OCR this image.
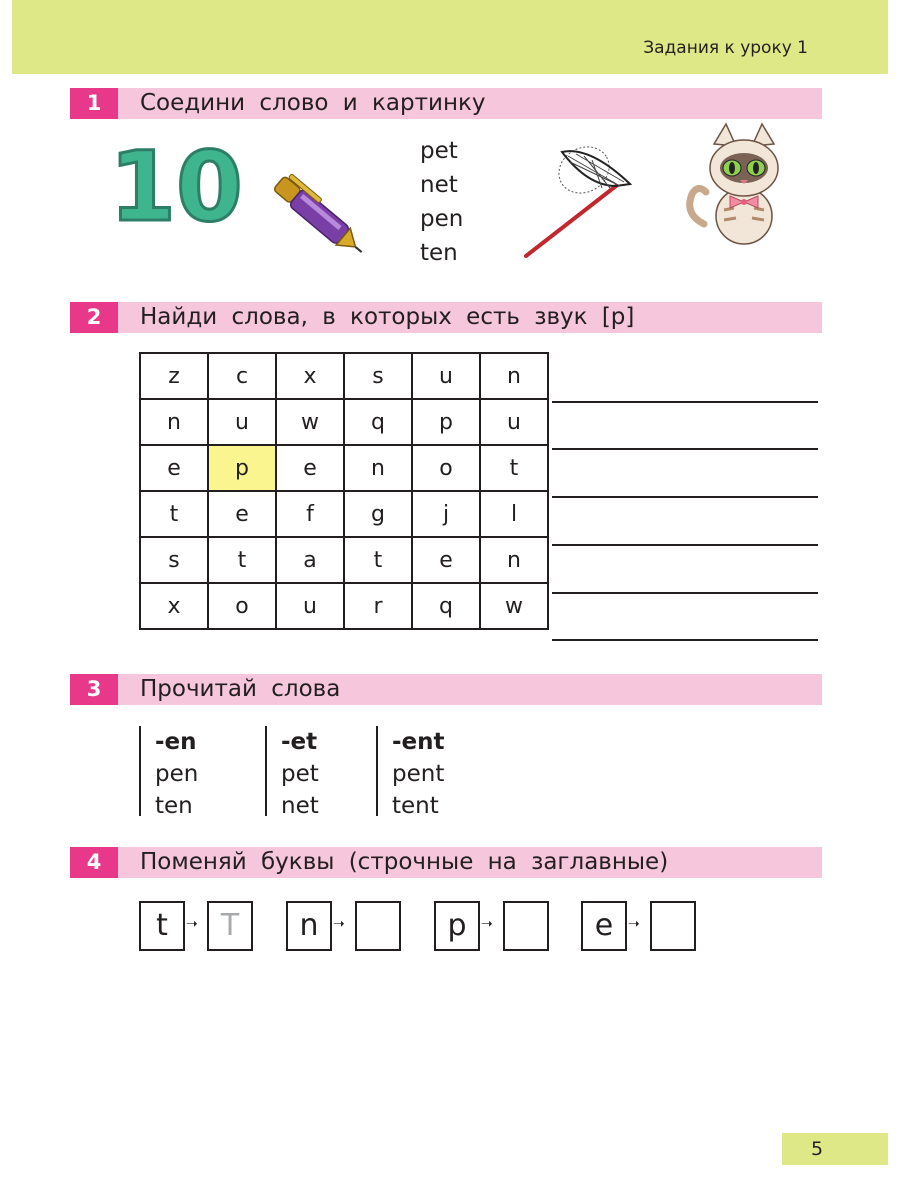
Задания к уроку 1
1	Соедини слово и картинку
10	pet
net
pen
ten
2	Найди слова, в которых есть звук [p]
z	c	x	s	u	n
n	u	w	q	p	u
e	p	e	n	o	t
t	e	f	g	j	l
s	t	a	t	e	n
x	o	u	r	q	w
3	Прочитай слова
-en
pen
ten
-et
pet
net
-ent
pent
tent
4	Поменяй буквы (строчные на заглавные)
t	➝ T	n	➝	p	➝	e	➝
5
